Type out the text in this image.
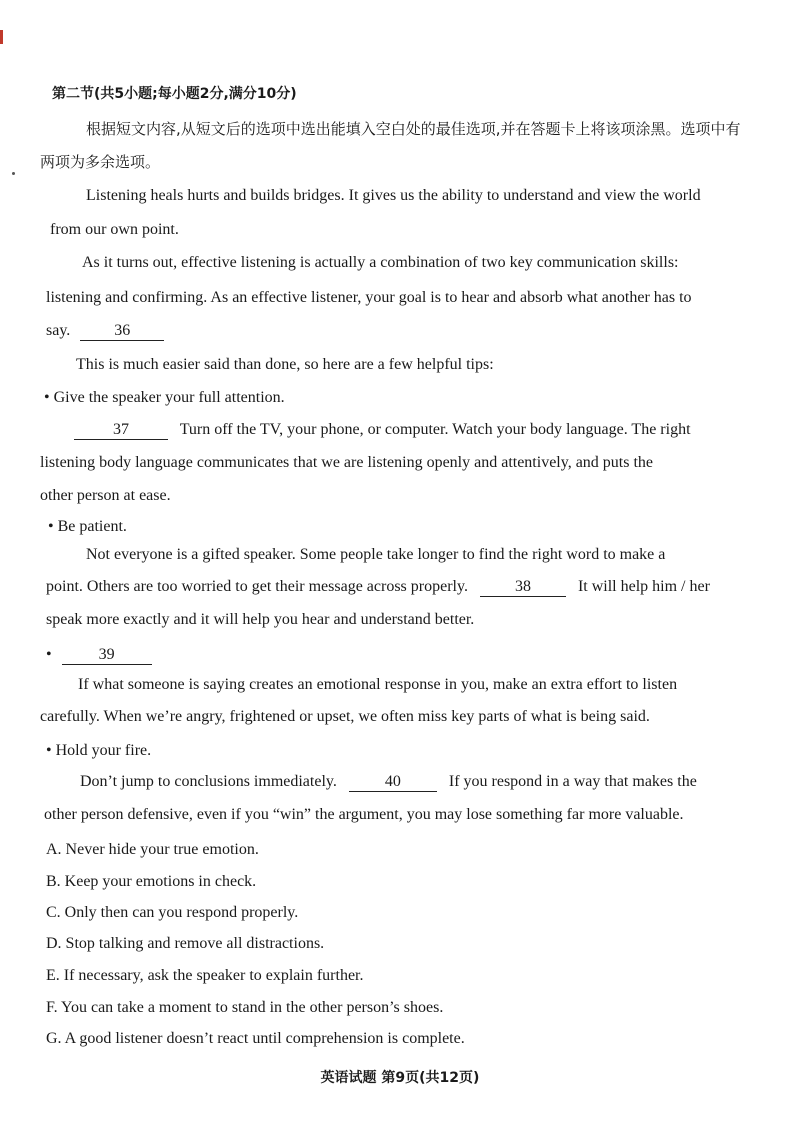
第二节(共5小题;每小题2分,满分10分)
根据短文内容,从短文后的选项中选出能填入空白处的最佳选项,并在答题卡上将该项涂黑。选项中有
两项为多余选项。
Listening heals hurts and builds bridges. It gives us the ability to understand and view the world
from our own point.
As it turns out, effective listening is actually a combination of two key communication skills:
listening and confirming. As an effective listener, your goal is to hear and absorb what another has to
say.	36
This is much easier said than done, so here are a few helpful tips:
• Give the speaker your full attention.
37	Turn off the TV, your phone, or computer. Watch your body language. The right
listening body language communicates that we are listening openly and attentively, and puts the
other person at ease.
• Be patient.
Not everyone is a gifted speaker. Some people take longer to find the right word to make a
point. Others are too worried to get their message across properly.	38	It will help him / her
speak more exactly and it will help you hear and understand better.
•	39
If what someone is saying creates an emotional response in you, make an extra effort to listen
carefully. When we’re angry, frightened or upset, we often miss key parts of what is being said.
• Hold your fire.
Don’t jump to conclusions immediately.	40	If you respond in a way that makes the
other person defensive, even if you “win” the argument, you may lose something far more valuable.
A. Never hide your true emotion.
B. Keep your emotions in check.
C. Only then can you respond properly.
D. Stop talking and remove all distractions.
E. If necessary, ask the speaker to explain further.
F. You can take a moment to stand in the other person’s shoes.
G. A good listener doesn’t react until comprehension is complete.
英语试题 第9页(共12页)
